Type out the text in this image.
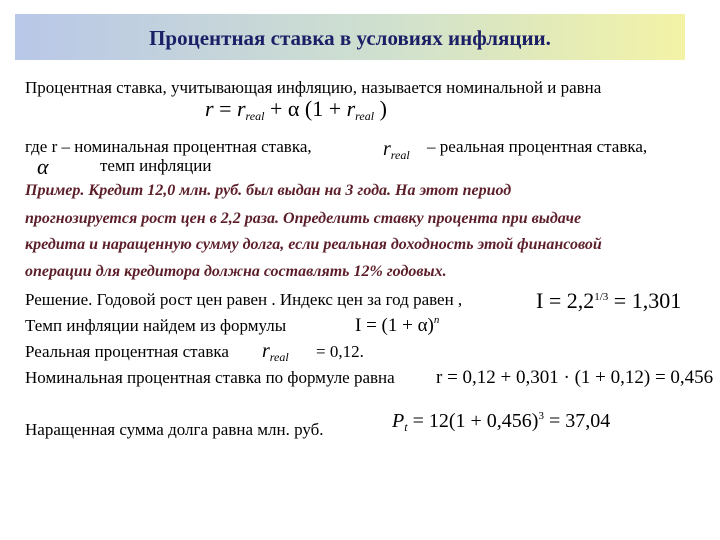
Процентная ставка в условиях инфляции.
Процентная ставка, учитывающая инфляцию, называется номинальной и равна
$r = r_{real} + \alpha$ ($1 + r_{real}$ )
где r – номинальная процентная ставка,	$r_{real}$ – реальная процентная ставка,
α	темп инфляции
Пример. Кредит 12,0 млн. руб. был выдан на 3 года. На этот период
прогнозируется рост цен в 2,2 раза. Определить ставку процента при выдаче
кредита и наращенную сумму долга, если реальная доходность этой финансовой
операции для кредитора должна составлять 12% годовых.
Решение. Годовой рост цен равен . Индекс цен за год равен ,	$I = 2,2^{1/3} = 1,301$
Темп инфляции найдем из формулы	$I = (1 + \alpha)^n$
Реальная процентная ставка $r_{real} = 0,12$.
Номинальная процентная ставка по формуле равна r = 0,12 + 0,301 · (1 + 0,12) = 0,456
Наращенная сумма долга равна млн. руб.	$P_t = 12(1 + 0,456)^3 = 37,04$
